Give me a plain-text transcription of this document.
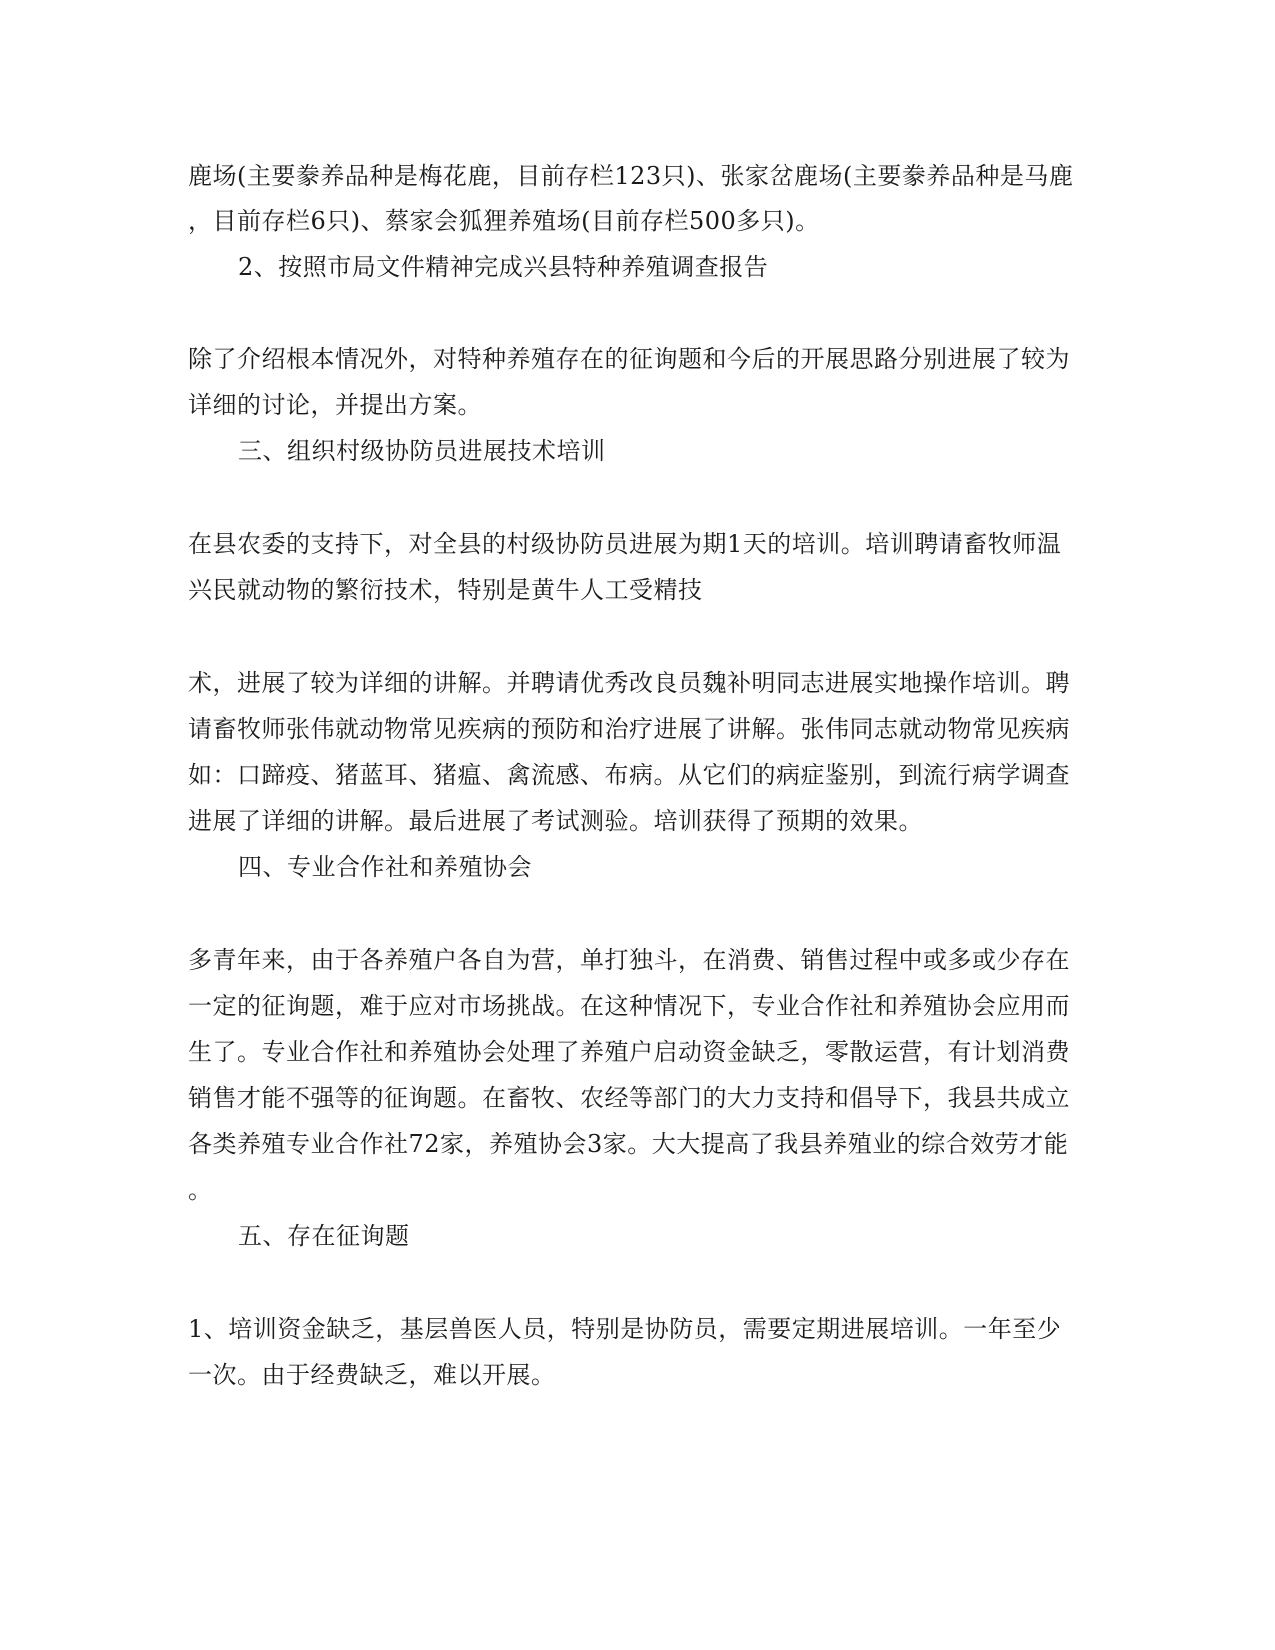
鹿场(主要豢养品种是梅花鹿，目前存栏123只)、张家岔鹿场(主要豢养品种是马鹿
，目前存栏6只)、蔡家会狐狸养殖场(目前存栏500多只)。
2、按照市局文件精神完成兴县特种养殖调查报告
除了介绍根本情况外，对特种养殖存在的征询题和今后的开展思路分别进展了较为
详细的讨论，并提出方案。
三、组织村级协防员进展技术培训
在县农委的支持下，对全县的村级协防员进展为期1天的培训。培训聘请畜牧师温
兴民就动物的繁衍技术，特别是黄牛人工受精技
术，进展了较为详细的讲解。并聘请优秀改良员魏补明同志进展实地操作培训。聘
请畜牧师张伟就动物常见疾病的预防和治疗进展了讲解。张伟同志就动物常见疾病
如：口蹄疫、猪蓝耳、猪瘟、禽流感、布病。从它们的病症鉴别，到流行病学调查
进展了详细的讲解。最后进展了考试测验。培训获得了预期的效果。
四、专业合作社和养殖协会
多青年来，由于各养殖户各自为营，单打独斗，在消费、销售过程中或多或少存在
一定的征询题，难于应对市场挑战。在这种情况下，专业合作社和养殖协会应用而
生了。专业合作社和养殖协会处理了养殖户启动资金缺乏，零散运营，有计划消费
销售才能不强等的征询题。在畜牧、农经等部门的大力支持和倡导下，我县共成立
各类养殖专业合作社72家，养殖协会3家。大大提高了我县养殖业的综合效劳才能
。
五、存在征询题
1、培训资金缺乏，基层兽医人员，特别是协防员，需要定期进展培训。一年至少
一次。由于经费缺乏，难以开展。
